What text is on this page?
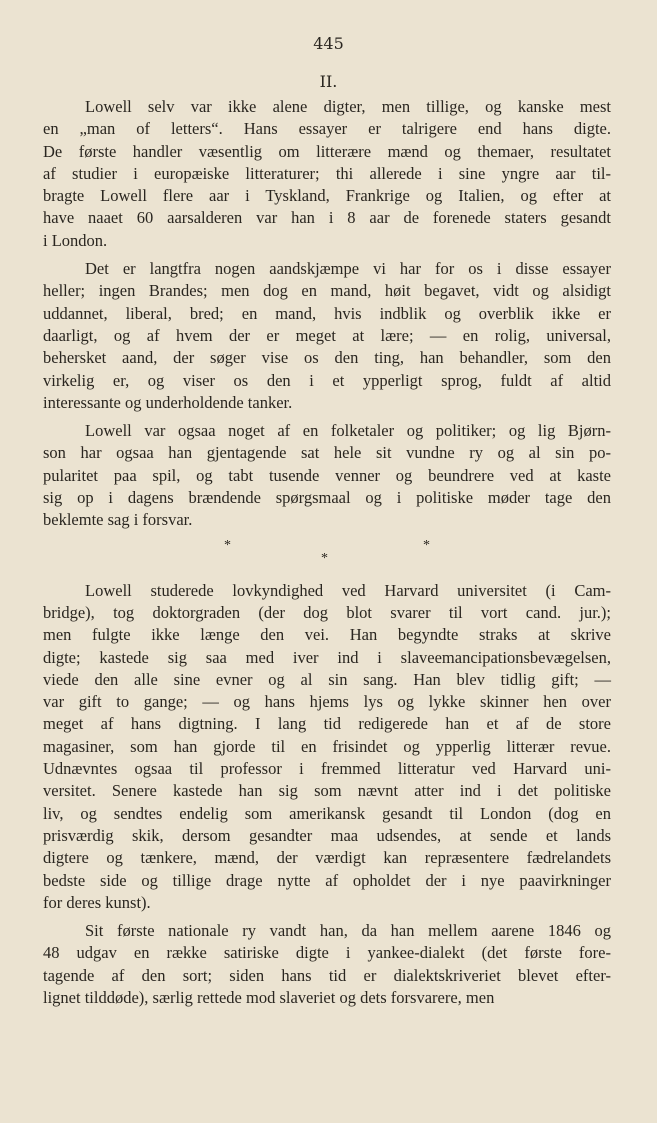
445
II.
Lowell selv var ikke alene digter, men tillige, og kanske mest
en „man of letters“. Hans essayer er talrigere end hans digte.
De første handler væsentlig om litterære mænd og themaer, resultatet
af studier i europæiske litteraturer; thi allerede i sine yngre aar til-
bragte Lowell flere aar i Tyskland, Frankrige og Italien, og efter at
have naaet 60 aarsalderen var han i 8 aar de forenede staters gesandt
i London.
Det er langtfra nogen aandskjæmpe vi har for os i disse essayer
heller; ingen Brandes; men dog en mand, høit begavet, vidt og alsidigt
uddannet, liberal, bred; en mand, hvis indblik og overblik ikke er
daarligt, og af hvem der er meget at lære; — en rolig, universal,
behersket aand, der søger vise os den ting, han behandler, som den
virkelig er, og viser os den i et ypperligt sprog, fuldt af altid
interessante og underholdende tanker.
Lowell var ogsaa noget af en folketaler og politiker; og lig Bjørn-
son har ogsaa han gjentagende sat hele sit vundne ry og al sin po-
pularitet paa spil, og tabt tusende venner og beundrere ved at kaste
sig op i dagens brændende spørgsmaal og i politiske møder tage den
beklemte sag i forsvar.
*	*
*
Lowell studerede lovkyndighed ved Harvard universitet (i Cam-
bridge), tog doktorgraden (der dog blot svarer til vort cand. jur.);
men fulgte ikke længe den vei. Han begyndte straks at skrive
digte; kastede sig saa med iver ind i slaveemancipationsbevægelsen,
viede den alle sine evner og al sin sang. Han blev tidlig gift; —
var gift to gange; — og hans hjems lys og lykke skinner hen over
meget af hans digtning. I lang tid redigerede han et af de store
magasiner, som han gjorde til en frisindet og ypperlig litterær revue.
Udnævntes ogsaa til professor i fremmed litteratur ved Harvard uni-
versitet. Senere kastede han sig som nævnt atter ind i det politiske
liv, og sendtes endelig som amerikansk gesandt til London (dog en
prisværdig skik, dersom gesandter maa udsendes, at sende et lands
digtere og tænkere, mænd, der værdigt kan repræsentere fædrelandets
bedste side og tillige drage nytte af opholdet der i nye paavirkninger
for deres kunst).
Sit første nationale ry vandt han, da han mellem aarene 1846 og
48 udgav en række satiriske digte i yankee-dialekt (det første fore-
tagende af den sort; siden hans tid er dialektskriveriet blevet efter-
lignet tilddøde), særlig rettede mod slaveriet og dets forsvarere, men
